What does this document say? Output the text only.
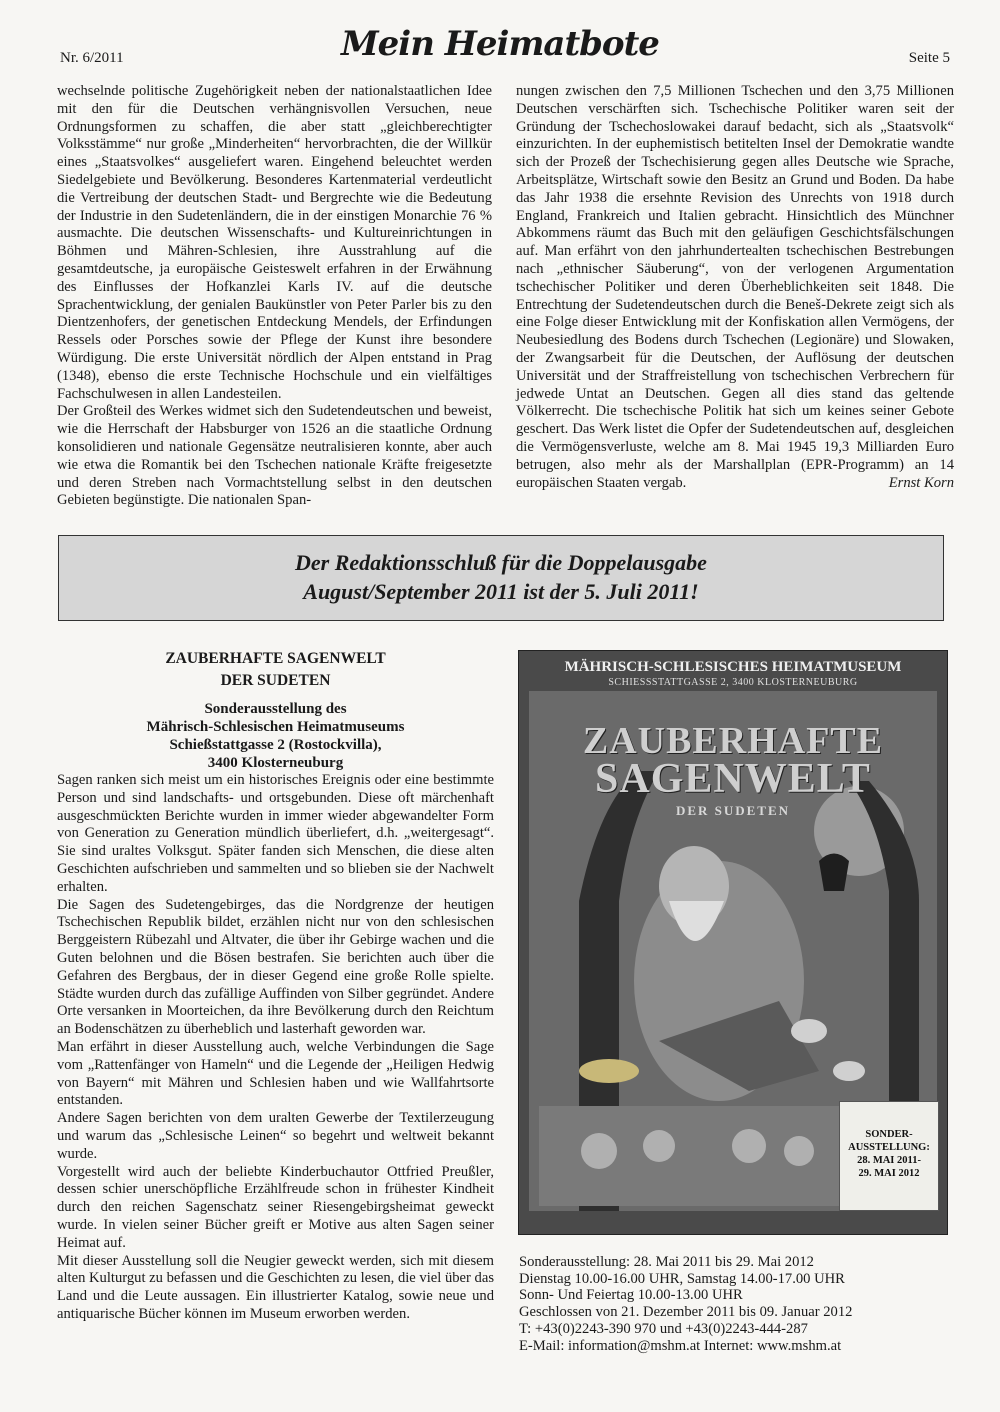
Nr. 6/2011	Mein Heimatbote	Seite 5

wechselnde politische Zugehörigkeit neben der nationalstaatlichen Idee mit den für die Deutschen verhängnisvollen Versuchen, neue Ordnungsformen zu schaffen, die aber statt „gleichberechtigter Volksstämme“ nur große „Minderheiten“ hervorbrachten, die der Willkür eines „Staatsvolkes“ ausgeliefert waren. Eingehend beleuchtet werden Siedelgebiete und Bevölkerung. Besonderes Kartenmaterial verdeutlicht die Vertreibung der deutschen Stadt- und Bergrechte wie die Bedeutung der Industrie in den Sudetenländern, die in der einstigen Monarchie 76 % ausmachte. Die deutschen Wissenschafts- und Kultureinrichtungen in Böhmen und Mähren-Schlesien, ihre Ausstrahlung auf die gesamtdeutsche, ja europäische Geisteswelt erfahren in der Erwähnung des Einflusses der Hofkanzlei Karls IV. auf die deutsche Sprachentwicklung, der genialen Baukünstler von Peter Parler bis zu den Dientzenhofers, der genetischen Entdeckung Mendels, der Erfindungen Ressels oder Porsches sowie der Pflege der Kunst ihre besondere Würdigung. Die erste Universität nördlich der Alpen entstand in Prag (1348), ebenso die erste Technische Hochschule und ein vielfältiges Fachschulwesen in allen Landesteilen.

Der Großteil des Werkes widmet sich den Sudetendeutschen und beweist, wie die Herrschaft der Habsburger von 1526 an die staatliche Ordnung konsolidieren und nationale Gegensätze neutralisieren konnte, aber auch wie etwa die Romantik bei den Tschechen nationale Kräfte freigesetzte und deren Streben nach Vormachtstellung selbst in den deutschen Gebieten begünstigte. Die nationalen Span-

nungen zwischen den 7,5 Millionen Tschechen und den 3,75 Millionen Deutschen verschärften sich. Tschechische Politiker waren seit der Gründung der Tschechoslowakei darauf bedacht, sich als „Staatsvolk“ einzurichten. In der euphemistisch betitelten Insel der Demokratie wandte sich der Prozeß der Tschechisierung gegen alles Deutsche wie Sprache, Arbeitsplätze, Wirtschaft sowie den Besitz an Grund und Boden. Da habe das Jahr 1938 die ersehnte Revision des Unrechts von 1918 durch England, Frankreich und Italien gebracht. Hinsichtlich des Münchner Abkommens räumt das Buch mit den geläufigen Geschichtsfälschungen auf. Man erfährt von den jahrhundertealten tschechischen Bestrebungen nach „ethnischer Säuberung“, von der verlogenen Argumentation tschechischer Politiker und deren Überheblichkeiten seit 1848. Die Entrechtung der Sudetendeutschen durch die Beneš-Dekrete zeigt sich als eine Folge dieser Entwicklung mit der Konfiskation allen Vermögens, der Neubesiedlung des Bodens durch Tschechen (Legionäre) und Slowaken, der Zwangsarbeit für die Deutschen, der Auflösung der deutschen Universität und der Straffreistellung von tschechischen Verbrechern für jedwede Untat an Deutschen. Gegen all dies stand das geltende Völkerrecht. Die tschechische Politik hat sich um keines seiner Gebote geschert. Das Werk listet die Opfer der Sudetendeutschen auf, desgleichen die Vermögensverluste, welche am 8. Mai 1945 19,3 Milliarden Euro betrugen, also mehr als der Marshallplan (EPR-Programm) an 14 europäischen Staaten vergab.	Ernst Korn

Der Redaktionsschluß für die Doppelausgabe
August/September 2011 ist der 5. Juli 2011!
ZAUBERHAFTE SAGENWELT
DER SUDETEN
Sonderausstellung des
Mährisch-Schlesischen Heimatmuseums
Schießstattgasse 2 (Rostockvilla),
3400 Klosterneuburg

Sagen ranken sich meist um ein historisches Ereignis oder eine bestimmte Person und sind landschafts- und ortsgebunden. Diese oft märchenhaft ausgeschmückten Berichte wurden in immer wieder abgewandelter Form von Generation zu Generation mündlich überliefert, d.h. „weitergesagt“. Sie sind uraltes Volksgut. Später fanden sich Menschen, die diese alten Geschichten aufschrieben und sammelten und so blieben sie der Nachwelt erhalten.

Die Sagen des Sudetengebirges, das die Nordgrenze der heutigen Tschechischen Republik bildet, erzählen nicht nur von den schlesischen Berggeistern Rübezahl und Altvater, die über ihr Gebirge wachen und die Guten belohnen und die Bösen bestrafen. Sie berichten auch über die Gefahren des Bergbaus, der in dieser Gegend eine große Rolle spielte. Städte wurden durch das zufällige Auffinden von Silber gegründet. Andere Orte versanken in Moorteichen, da ihre Bevölkerung durch den Reichtum an Bodenschätzen zu überheblich und lasterhaft geworden war.

Man erfährt in dieser Ausstellung auch, welche Verbindungen die Sage vom „Rattenfänger von Hameln“ und die Legende der „Heiligen Hedwig von Bayern“ mit Mähren und Schlesien haben und wie Wallfahrtsorte entstanden.

Andere Sagen berichten von dem uralten Gewerbe der Textilerzeugung und warum das „Schlesische Leinen“ so begehrt und weltweit bekannt wurde.

Vorgestellt wird auch der beliebte Kinderbuchautor Ottfried Preußler, dessen schier unerschöpfliche Erzählfreude schon in frühester Kindheit durch den reichen Sagenschatz seiner Riesengebirgsheimat geweckt wurde. In vielen seiner Bücher greift er Motive aus alten Sagen seiner Heimat auf.

Mit dieser Ausstellung soll die Neugier geweckt werden, sich mit diesem alten Kulturgut zu befassen und die Geschichten zu lesen, die viel über das Land und die Leute aussagen. Ein illustrierter Katalog, sowie neue und antiquarische Bücher können im Museum erworben werden.

MÄHRISCH-SCHLESISCHES HEIMATMUSEUM
SCHIESSSTATTGASSE 2, 3400 KLOSTERNEUBURG
ZAUBERHAFTE
SAGENWELT
DER SUDETEN
SONDER-
AUSSTELLUNG:
28. MAI 2011-
29. MAI 2012
Sonderausstellung: 28. Mai 2011 bis 29. Mai 2012
Dienstag 10.00-16.00 UHR, Samstag 14.00-17.00 UHR
Sonn- Und Feiertag 10.00-13.00 UHR
Geschlossen von 21. Dezember 2011 bis 09. Januar 2012
T: +43(0)2243-390 970 und +43(0)2243-444-287
E-Mail: information@mshm.at Internet: www.mshm.at
